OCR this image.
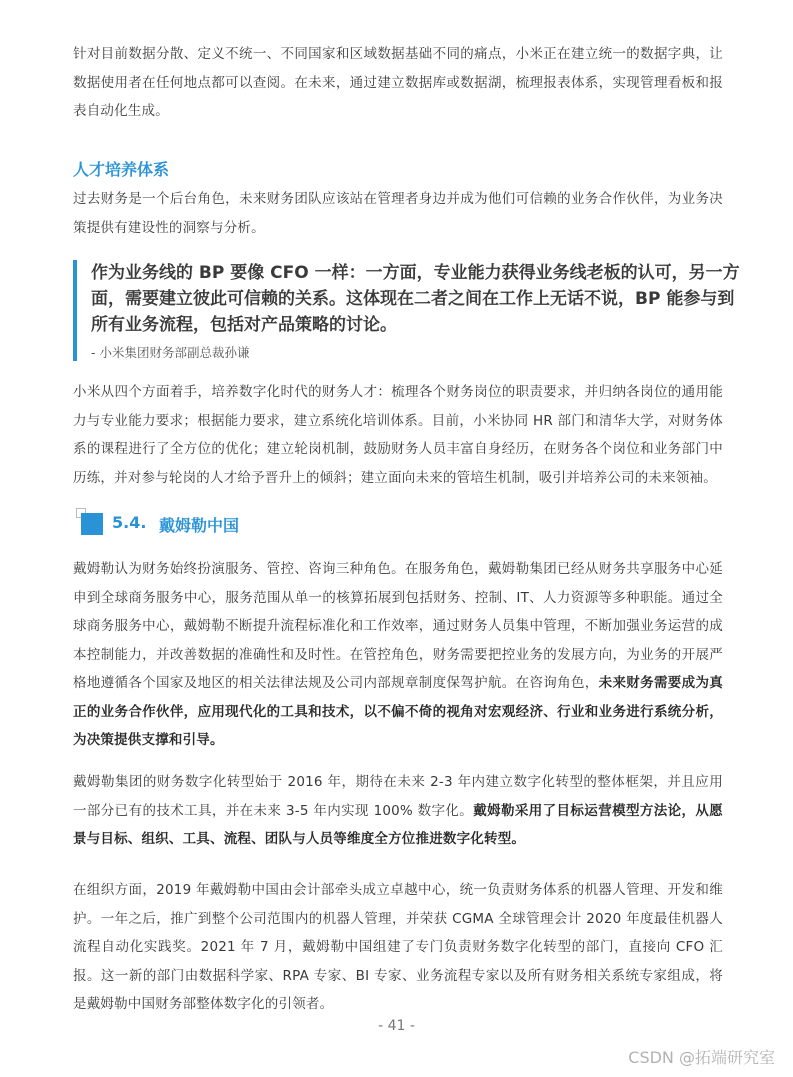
针对目前数据分散、定义不统一、不同国家和区域数据基础不同的痛点，小米正在建立统一的数据字典，让数据使用者在任何地点都可以查阅。在未来，通过建立数据库或数据湖，梳理报表体系，实现管理看板和报表自动化生成。

人才培养体系

过去财务是一个后台角色，未来财务团队应该站在管理者身边并成为他们可信赖的业务合作伙伴，为业务决策提供有建设性的洞察与分析。

作为业务线的 BP 要像 CFO 一样：一方面，专业能力获得业务线老板的认可，另一方面，需要建立彼此可信赖的关系。这体现在二者之间在工作上无话不说，BP 能参与到所有业务流程，包括对产品策略的讨论。

- 小米集团财务部副总裁孙谦

小米从四个方面着手，培养数字化时代的财务人才：梳理各个财务岗位的职责要求，并归纳各岗位的通用能力与专业能力要求；根据能力要求，建立系统化培训体系。目前，小米协同 HR 部门和清华大学，对财务体系的课程进行了全方位的优化；建立轮岗机制，鼓励财务人员丰富自身经历，在财务各个岗位和业务部门中历练，并对参与轮岗的人才给予晋升上的倾斜；建立面向未来的管培生机制，吸引并培养公司的未来领袖。

5.4. 戴姆勒中国

戴姆勒认为财务始终扮演服务、管控、咨询三种角色。在服务角色，戴姆勒集团已经从财务共享服务中心延申到全球商务服务中心，服务范围从单一的核算拓展到包括财务、控制、IT、人力资源等多种职能。通过全球商务服务中心，戴姆勒不断提升流程标准化和工作效率，通过财务人员集中管理，不断加强业务运营的成本控制能力，并改善数据的准确性和及时性。在管控角色，财务需要把控业务的发展方向，为业务的开展严格地遵循各个国家及地区的相关法律法规及公司内部规章制度保驾护航。在咨询角色，未来财务需要成为真正的业务合作伙伴，应用现代化的工具和技术，以不偏不倚的视角对宏观经济、行业和业务进行系统分析，为决策提供支撑和引导。

戴姆勒集团的财务数字化转型始于 2016 年，期待在未来 2-3 年内建立数字化转型的整体框架，并且应用一部分已有的技术工具，并在未来 3-5 年内实现 100% 数字化。戴姆勒采用了目标运营模型方法论，从愿景与目标、组织、工具、流程、团队与人员等维度全方位推进数字化转型。

在组织方面，2019 年戴姆勒中国由会计部牵头成立卓越中心，统一负责财务体系的机器人管理、开发和维护。一年之后，推广到整个公司范围内的机器人管理，并荣获 CGMA 全球管理会计 2020 年度最佳机器人流程自动化实践奖。2021 年 7 月，戴姆勒中国组建了专门负责财务数字化转型的部门，直接向 CFO 汇报。这一新的部门由数据科学家、RPA 专家、BI 专家、业务流程专家以及所有财务相关系统专家组成，将是戴姆勒中国财务部整体数字化的引领者。

- 41 -
CSDN @拓端研究室
